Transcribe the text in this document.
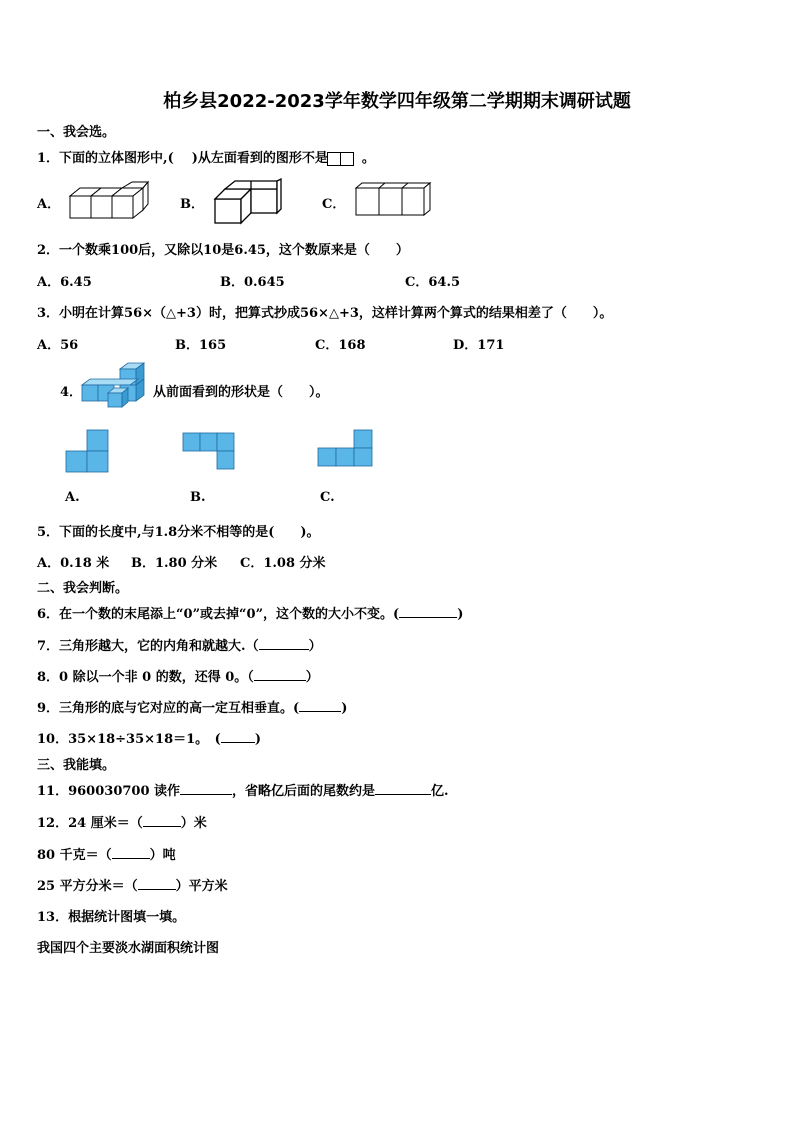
柏乡县2022-2023学年数学四年级第二学期期末调研试题
一、我会选。
1．下面的立体图形中,( )从左面看到的图形不是	。
A．	B．	C．
2．一个数乘100后，又除以10是6.45，这个数原来是（　　）
A．6.45	B．0.645	C．64.5
3．小明在计算56×（△+3）时，把算式抄成56×△+3，这样计算两个算式的结果相差了（　　）。
A．56	B．165	C．168	D．171
4．	从前面看到的形状是（　　）。
A.	B.	C.
5．下面的长度中,与1.8分米不相等的是(　　)。
A．0.18 米 B．1.80 分米 C．1.08 分米
二、我会判断。
6．在一个数的末尾添上“0”或去掉“0”，这个数的大小不变。(	)
7．三角形越大，它的内角和就越大.（	）
8．0 除以一个非 0 的数，还得 0。（	）
9．三角形的底与它对应的高一定互相垂直。(	)
10．35×18÷35×18＝1。　(	)
三、我能填。
11．960030700 读作	，省略亿后面的尾数约是	亿.
12．24 厘米＝（	）米
80 千克＝（	）吨
25 平方分米＝（	）平方米
13．根据统计图填一填。
我国四个主要淡水湖面积统计图
